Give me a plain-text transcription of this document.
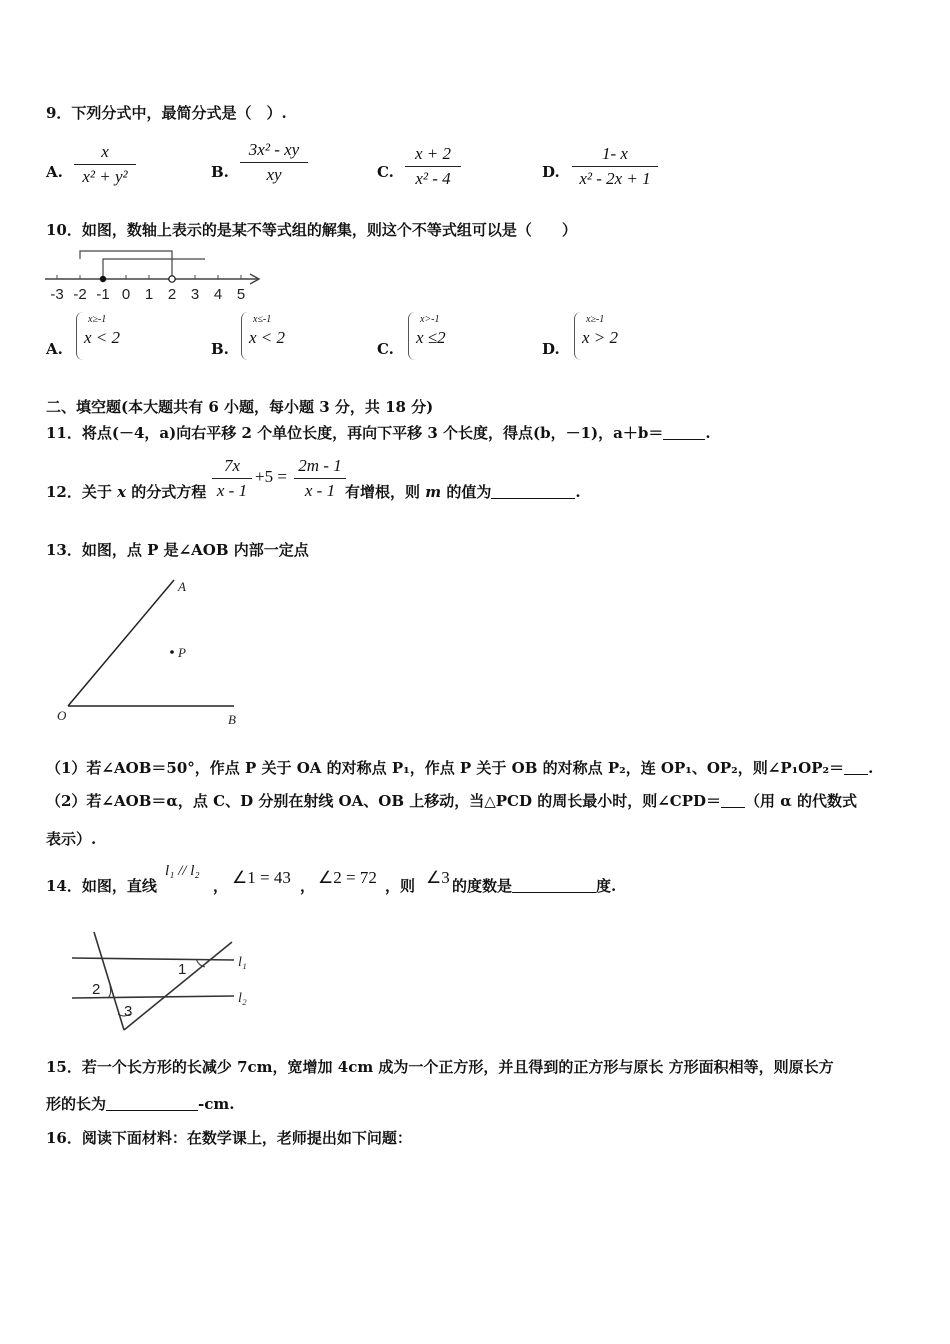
9．下列分式中，最简分式是（　）.
A.
x
x² + y²	B.
3x² - xy
xy	C.
x + 2
x² - 4	D.
1- x
x² - 2x + 1
10．如图，数轴上表示的是某不等式组的解集，则这个不等式组可以是（　　）
-3 -2 -1 0 1 2 3 4 5
A.
x≥-1
x < 2
B.
x≤-1
x < 2
C.
x>-1
x ≤2
D.
x≥-1
x > 2
二、填空题(本大题共有 6 小题，每小题 3 分，共 18 分)
11．将点(－4，a)向右平移 2 个单位长度，再向下平移 3 个长度，得点(b，－1)，a＋b＝	.
12．关于 x 的分式方程
7x
x - 1
+5 =
2m - 1
x - 1 有增根，则 m 的值为	.
13．如图，点 P 是∠AOB 内部一定点
A
P
O	B
（1）若∠AOB＝50°，作点 P 关于 OA 的对称点 P₁，作点 P 关于 OB 的对称点 P₂，连 OP₁、OP₂，则∠P₁OP₂＝ .
（2）若∠AOB＝α，点 C、D 分别在射线 OA、OB 上移动，当△PCD 的周长最小时，则∠CPD＝ （用 α 的代数式
表示）.
14．如图，直线
l₁ // l₂
， ∠1 = 43 ， ∠2 = 72 ，则 ∠3 的度数是	度.
1
2
3
l₁
l₂
15．若一个长方形的长减少 7cm，宽增加 4cm 成为一个正方形，并且得到的正方形与原长 方形面积相等，则原长方
形的长为	-cm.
16．阅读下面材料：在数学课上，老师提出如下问题：
